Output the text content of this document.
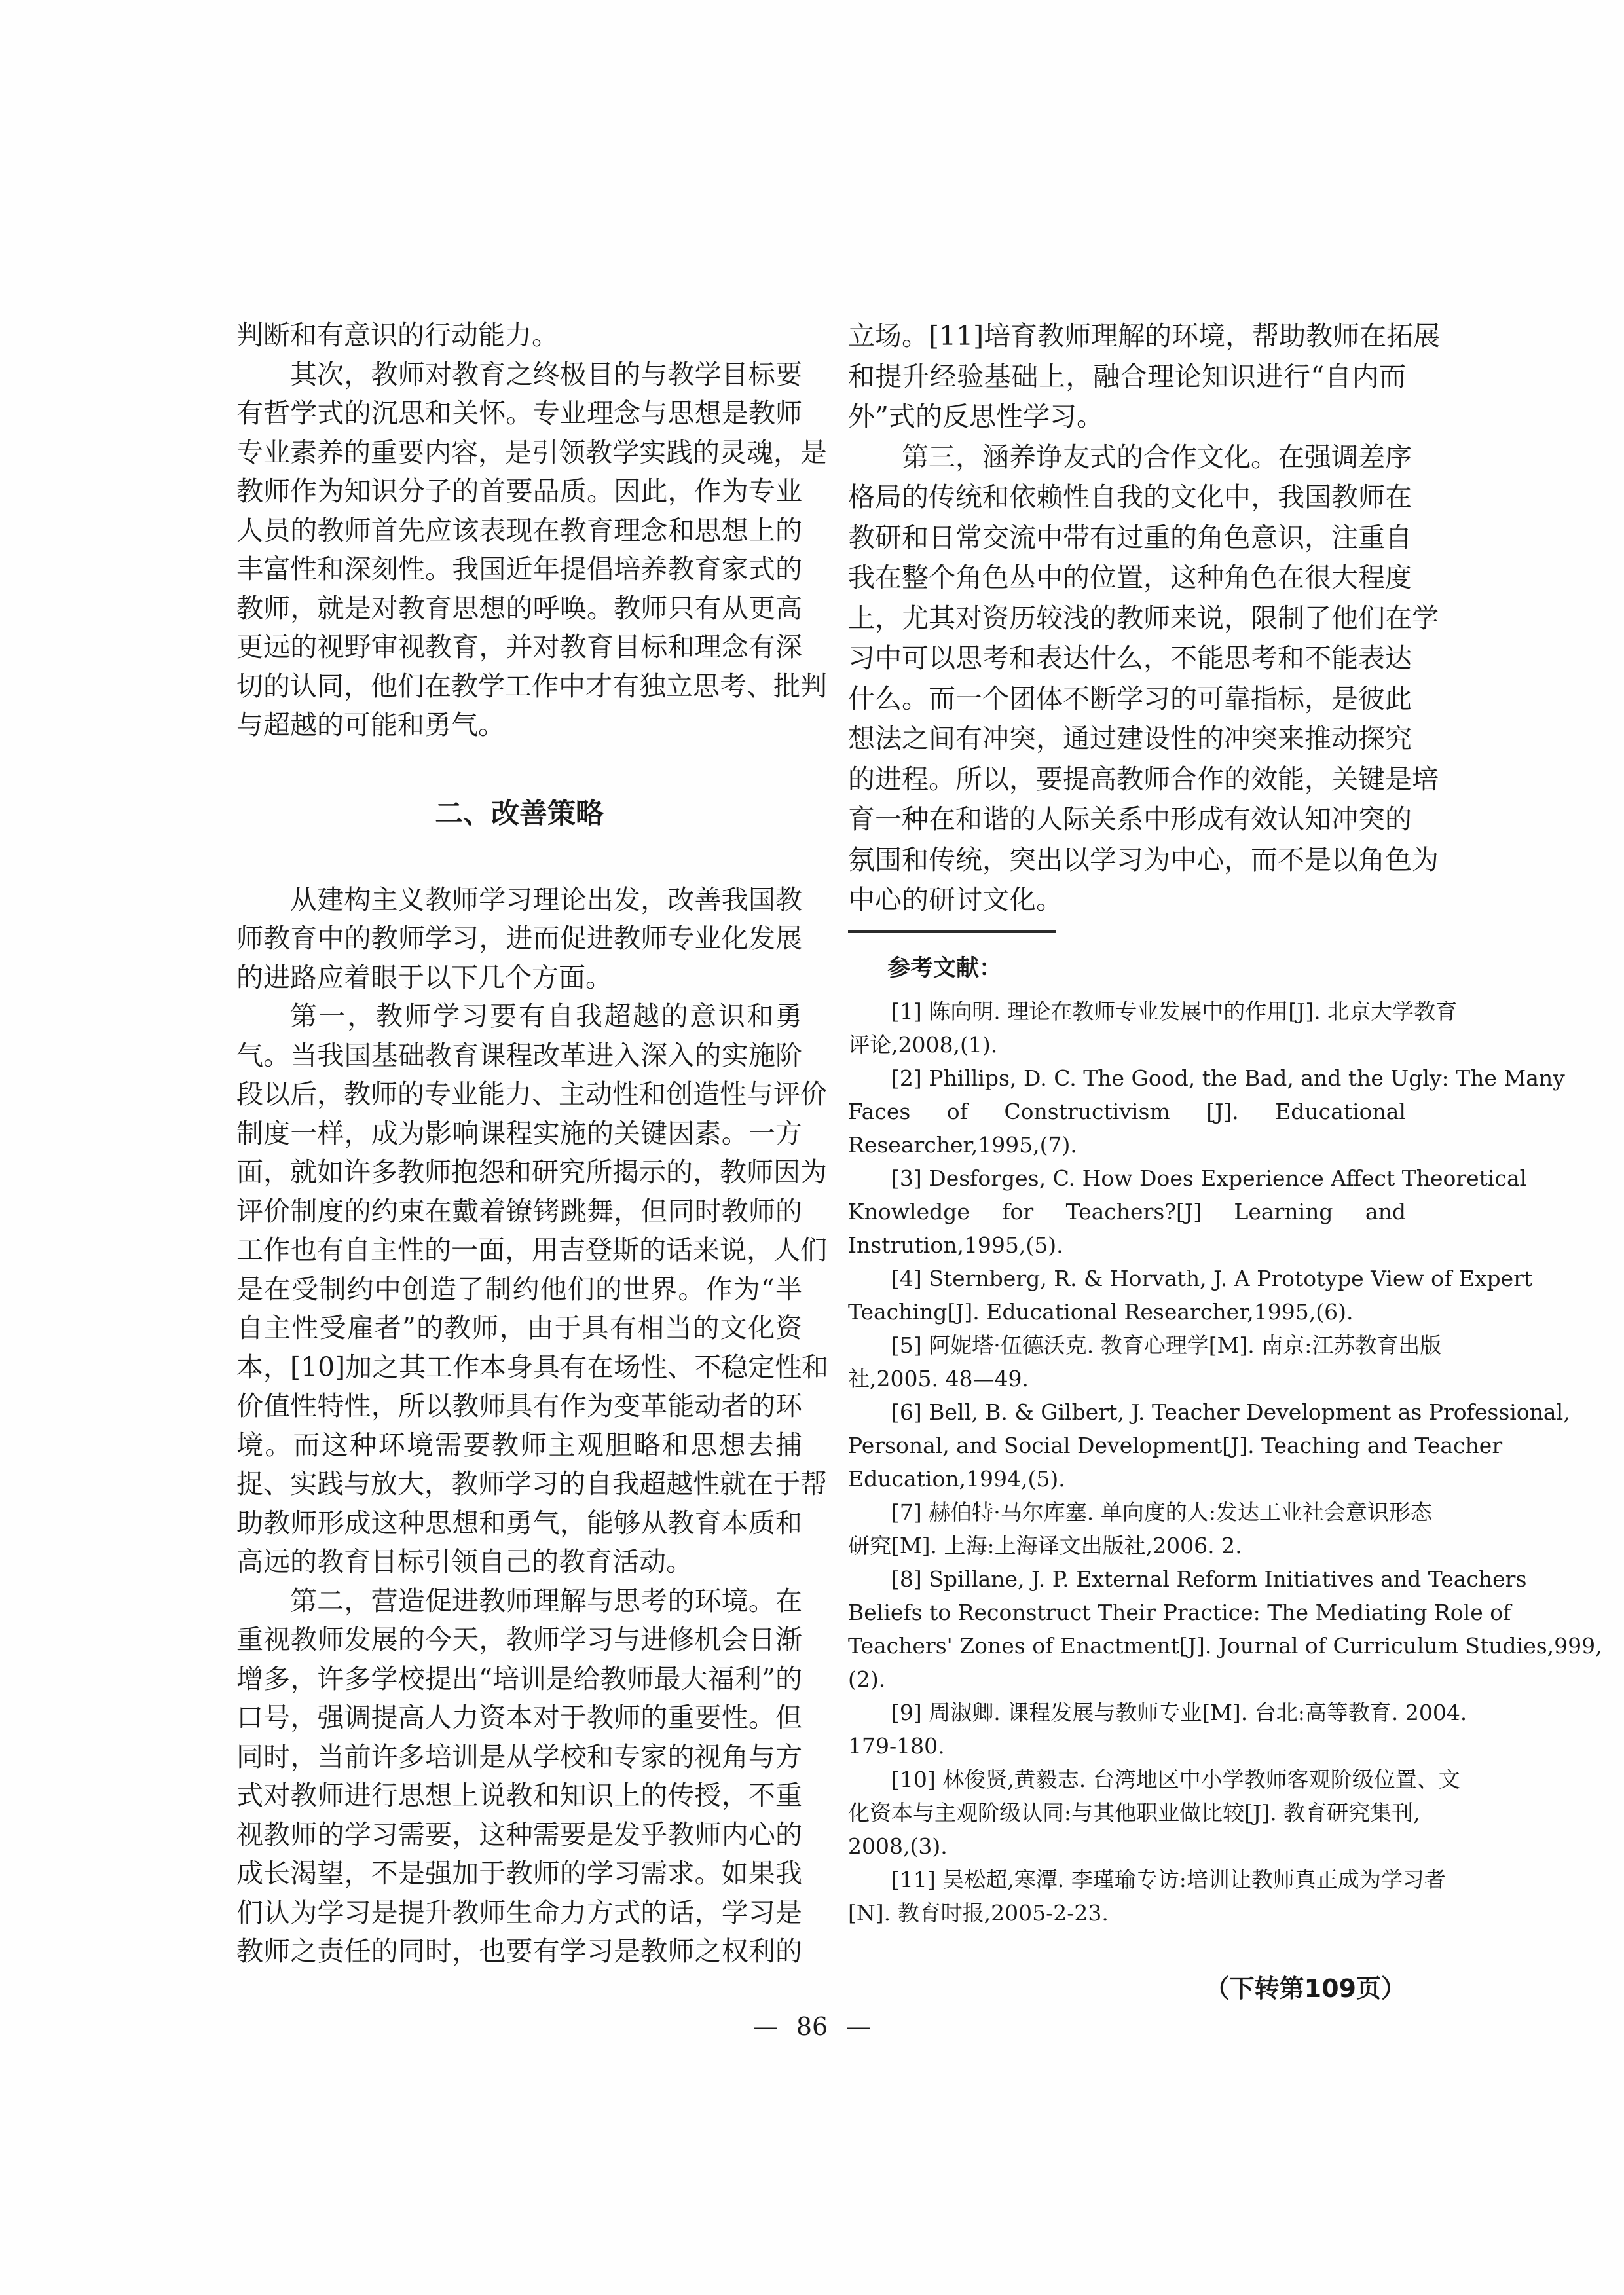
判断和有意识的行动能力。
其次，教师对教育之终极目的与教学目标要
有哲学式的沉思和关怀。专业理念与思想是教师
专业素养的重要内容，是引领教学实践的灵魂，是
教师作为知识分子的首要品质。因此，作为专业
人员的教师首先应该表现在教育理念和思想上的
丰富性和深刻性。我国近年提倡培养教育家式的
教师，就是对教育思想的呼唤。教师只有从更高
更远的视野审视教育，并对教育目标和理念有深
切的认同，他们在教学工作中才有独立思考、批判
与超越的可能和勇气。
二、改善策略
从建构主义教师学习理论出发，改善我国教
师教育中的教师学习，进而促进教师专业化发展
的进路应着眼于以下几个方面。
第一，教师学习要有自我超越的意识和勇
气。当我国基础教育课程改革进入深入的实施阶
段以后，教师的专业能力、主动性和创造性与评价
制度一样，成为影响课程实施的关键因素。一方
面，就如许多教师抱怨和研究所揭示的，教师因为
评价制度的约束在戴着镣铐跳舞，但同时教师的
工作也有自主性的一面，用吉登斯的话来说，人们
是在受制约中创造了制约他们的世界。作为“半
自主性受雇者”的教师，由于具有相当的文化资
本，[10]加之其工作本身具有在场性、不稳定性和
价值性特性，所以教师具有作为变革能动者的环
境。而这种环境需要教师主观胆略和思想去捕
捉、实践与放大，教师学习的自我超越性就在于帮
助教师形成这种思想和勇气，能够从教育本质和
高远的教育目标引领自己的教育活动。
第二，营造促进教师理解与思考的环境。在
重视教师发展的今天，教师学习与进修机会日渐
增多，许多学校提出“培训是给教师最大福利”的
口号，强调提高人力资本对于教师的重要性。但
同时，当前许多培训是从学校和专家的视角与方
式对教师进行思想上说教和知识上的传授，不重
视教师的学习需要，这种需要是发乎教师内心的
成长渴望，不是强加于教师的学习需求。如果我
们认为学习是提升教师生命力方式的话，学习是
教师之责任的同时，也要有学习是教师之权利的
立场。[11]培育教师理解的环境，帮助教师在拓展
和提升经验基础上，融合理论知识进行“自内而
外”式的反思性学习。
第三，涵养诤友式的合作文化。在强调差序
格局的传统和依赖性自我的文化中，我国教师在
教研和日常交流中带有过重的角色意识，注重自
我在整个角色丛中的位置，这种角色在很大程度
上，尤其对资历较浅的教师来说，限制了他们在学
习中可以思考和表达什么，不能思考和不能表达
什么。而一个团体不断学习的可靠指标，是彼此
想法之间有冲突，通过建设性的冲突来推动探究
的进程。所以，要提高教师合作的效能，关键是培
育一种在和谐的人际关系中形成有效认知冲突的
氛围和传统，突出以学习为中心，而不是以角色为
中心的研讨文化。
参考文献：
[1] 陈向明. 理论在教师专业发展中的作用[J]. 北京大学教育
评论,2008,(1).
[2] Phillips, D. C. The Good, the Bad, and the Ugly: The Many
Faces of Constructivism [J]. Educational Researcher,1995,(7).
[3] Desforges, C. How Does Experience Affect Theoretical
Knowledge for Teachers?[J] Learning and Instrution,1995,(5).
[4] Sternberg, R. & Horvath, J. A Prototype View of Expert
Teaching[J]. Educational Researcher,1995,(6).
[5] 阿妮塔·伍德沃克. 教育心理学[M]. 南京:江苏教育出版
社,2005. 48—49.
[6] Bell, B. & Gilbert, J. Teacher Development as Professional,
Personal, and Social Development[J]. Teaching and Teacher
Education,1994,(5).
[7] 赫伯特·马尔库塞. 单向度的人:发达工业社会意识形态
研究[M]. 上海:上海译文出版社,2006. 2.
[8] Spillane, J. P. External Reform Initiatives and Teachers
Beliefs to Reconstruct Their Practice: The Mediating Role of
Teachers' Zones of Enactment[J]. Journal of Curriculum Studies,999,
(2).
[9] 周淑卿. 课程发展与教师专业[M]. 台北:高等教育. 2004.
179-180.
[10] 林俊贤,黄毅志. 台湾地区中小学教师客观阶级位置、文
化资本与主观阶级认同:与其他职业做比较[J]. 教育研究集刊,
2008,(3).
[11] 吴松超,寒潭. 李瑾瑜专访:培训让教师真正成为学习者
[N]. 教育时报,2005-2-23.
（下转第109页）
— 86 —
